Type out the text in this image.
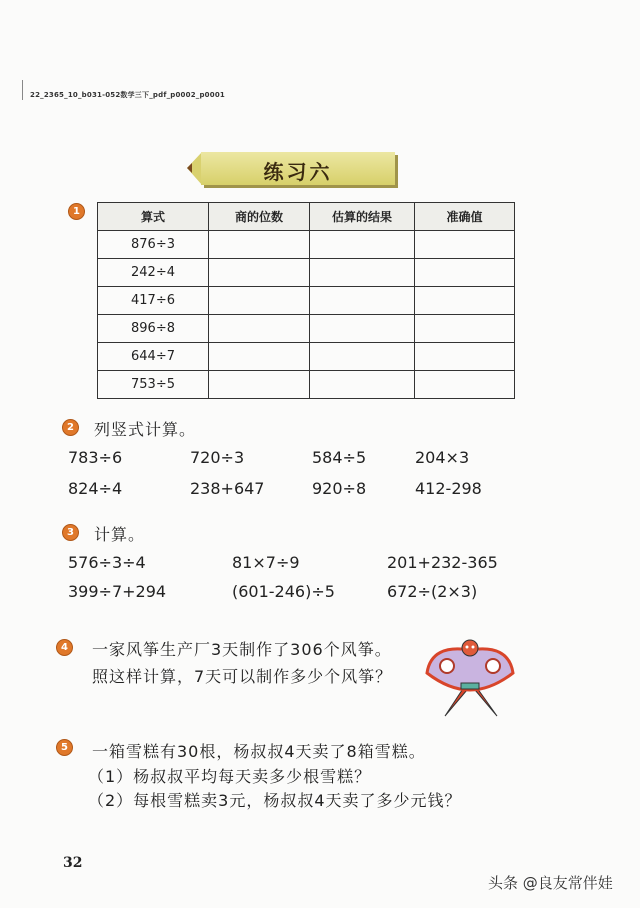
22_2365_10_b031-052数学三下_pdf_p0002_p0001
练习六
1	算式	商的位数	估算的结果	准确值
876÷3			
242÷4			
417÷6			
896÷8			
644÷7			
753÷5			
2	列竖式计算。
783÷6	720÷3	584÷5	204×3
824÷4	238+647	920÷8	412-298
3	计算。
576÷3÷4	81×7÷9	201+232-365
399÷7+294	(601-246)÷5	672÷(2×3)
4	一家风筝生产厂3天制作了306个风筝。
照这样计算，7天可以制作多少个风筝？
5	一箱雪糕有30根，杨叔叔4天卖了8箱雪糕。
（1）杨叔叔平均每天卖多少根雪糕？
（2）每根雪糕卖3元，杨叔叔4天卖了多少元钱？
32
头条 @良友常伴娃
